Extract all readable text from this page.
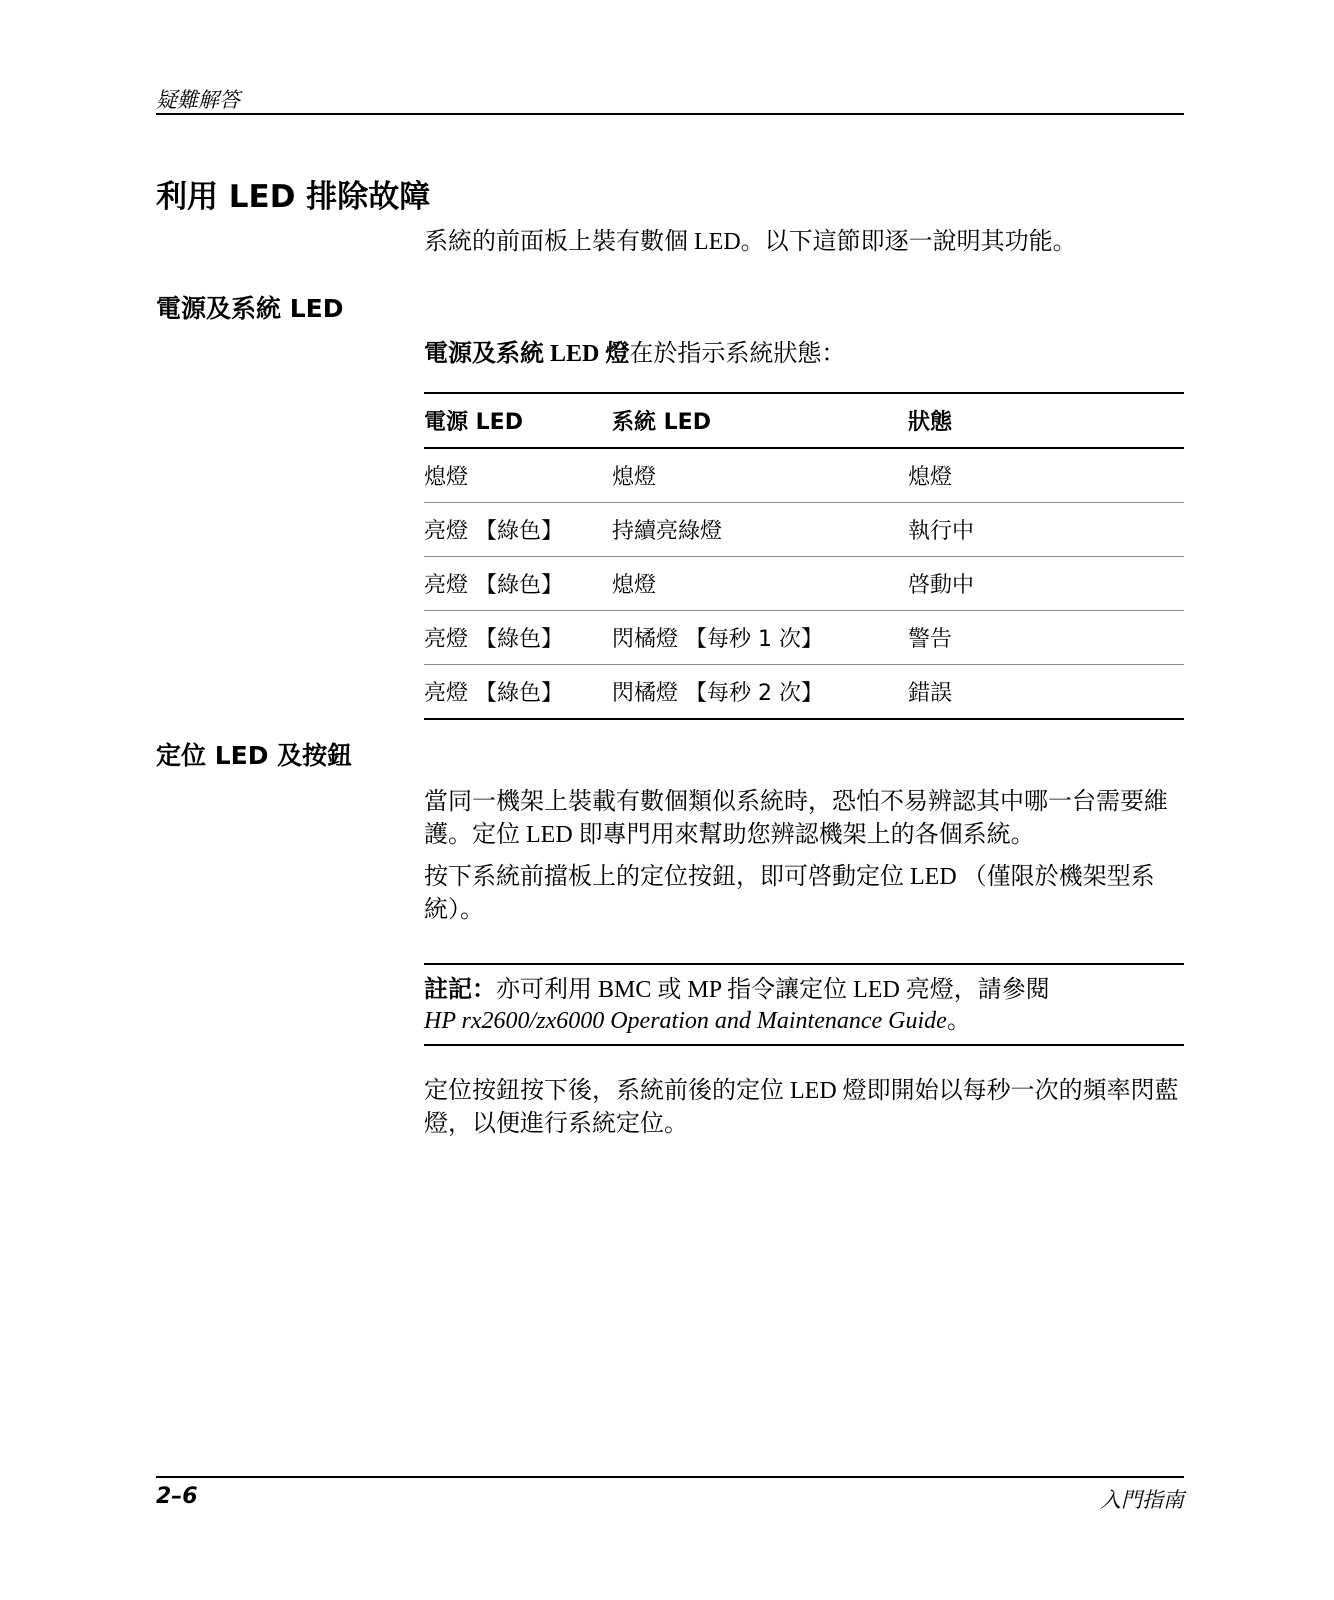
疑難解答
利用 LED 排除故障
系統的前面板上裝有數個 LED。以下這節即逐一說明其功能。
電源及系統 LED
電源及系統 LED 燈在於指示系統狀態：
電源 LED	系統 LED	狀態
熄燈	熄燈	熄燈
亮燈 【綠色】	持續亮綠燈	執行中
亮燈 【綠色】	熄燈	啓動中
亮燈 【綠色】	閃橘燈 【每秒 1 次】	警告
亮燈 【綠色】	閃橘燈 【每秒 2 次】	錯誤
定位 LED 及按鈕
當同一機架上裝載有數個類似系統時，恐怕不易辨認其中哪一台需要維護。定位 LED 即專門用來幫助您辨認機架上的各個系統。
按下系統前擋板上的定位按鈕，即可啓動定位 LED （僅限於機架型系統）。
註記：亦可利用 BMC 或 MP 指令讓定位 LED 亮燈，請參閱
HP rx2600/zx6000 Operation and Maintenance Guide。
定位按鈕按下後，系統前後的定位 LED 燈即開始以每秒一次的頻率閃藍燈，以便進行系統定位。
2–6	入門指南
